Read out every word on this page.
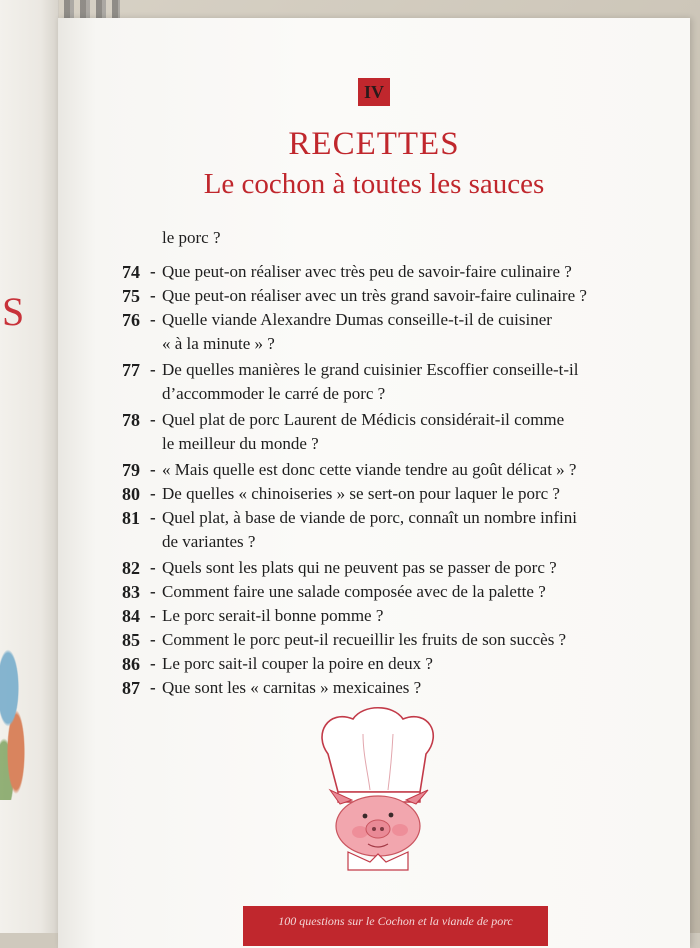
S
IV
RECETTES
Le cochon à toutes les sauces
le porc ?
74 - Que peut-on réaliser avec très peu de savoir-faire culinaire ?
75 - Que peut-on réaliser avec un très grand savoir-faire culinaire ?
76 - Quelle viande Alexandre Dumas conseille-t-il de cuisiner
« à la minute » ?
77 - De quelles manières le grand cuisinier Escoffier conseille-t-il
d’accommoder le carré de porc ?
78 - Quel plat de porc Laurent de Médicis considérait-il comme
le meilleur du monde ?
79 - « Mais quelle est donc cette viande tendre au goût délicat » ?
80 - De quelles « chinoiseries » se sert-on pour laquer le porc ?
81 - Quel plat, à base de viande de porc, connaît un nombre infini
de variantes ?
82 - Quels sont les plats qui ne peuvent pas se passer de porc ?
83 - Comment faire une salade composée avec de la palette ?
84 - Le porc serait-il bonne pomme ?
85 - Comment le porc peut-il recueillir les fruits de son succès ?
86 - Le porc sait-il couper la poire en deux ?
87 - Que sont les « carnitas » mexicaines ?
100 questions sur le Cochon et la viande de porc
